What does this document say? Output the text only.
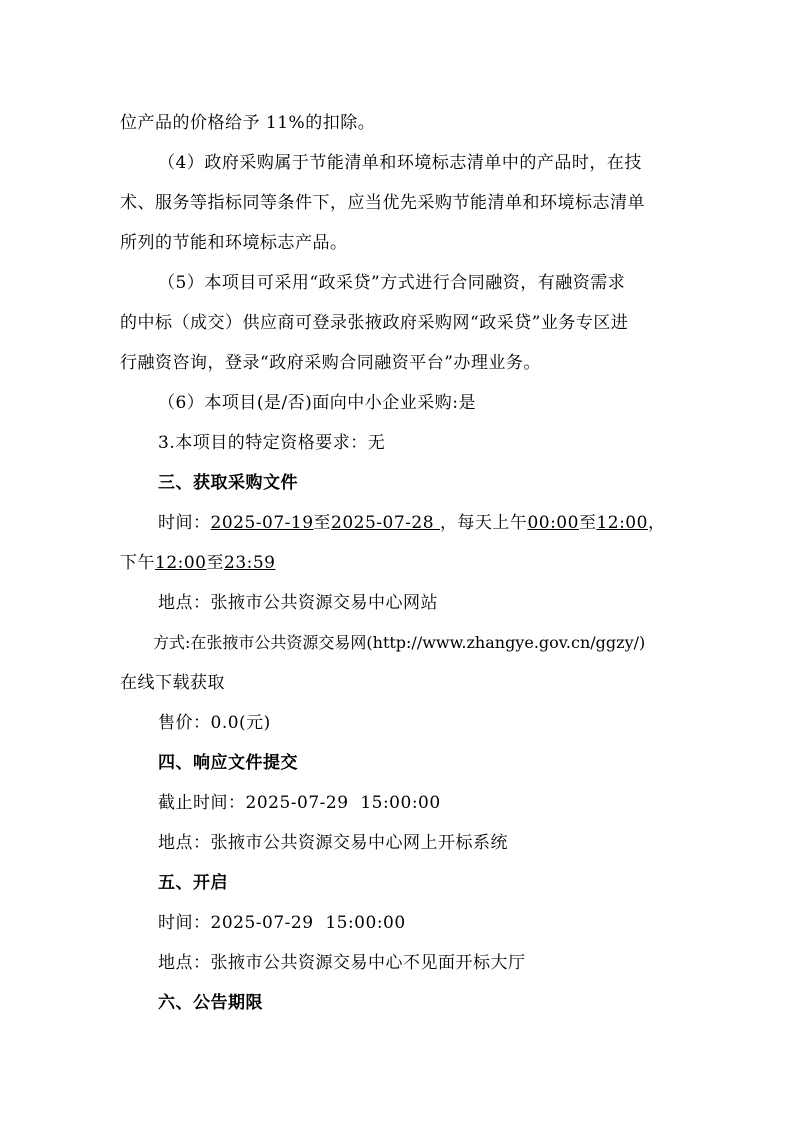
位产品的价格给予 11%的扣除。
（4）政府采购属于节能清单和环境标志清单中的产品时，在技
术、服务等指标同等条件下，应当优先采购节能清单和环境标志清单
所列的节能和环境标志产品。
（5）本项目可采用“政采贷”方式进行合同融资，有融资需求
的中标（成交）供应商可登录张掖政府采购网“政采贷”业务专区进
行融资咨询，登录“政府采购合同融资平台”办理业务。
（6）本项目(是/否)面向中小企业采购:是
3.本项目的特定资格要求：无
三、获取采购文件
时间：2025-07-19至2025-07-28 ，每天上午00:00至12:00，
下午12:00至23:59
地点：张掖市公共资源交易中心网站
方式:在张掖市公共资源交易网(http://www.zhangye.gov.cn/ggzy/)
在线下载获取
售价：0.0(元)
四、响应文件提交
截止时间：2025-07-29  15:00:00
地点：张掖市公共资源交易中心网上开标系统
五、开启
时间：2025-07-29  15:00:00
地点：张掖市公共资源交易中心不见面开标大厅
六、公告期限
